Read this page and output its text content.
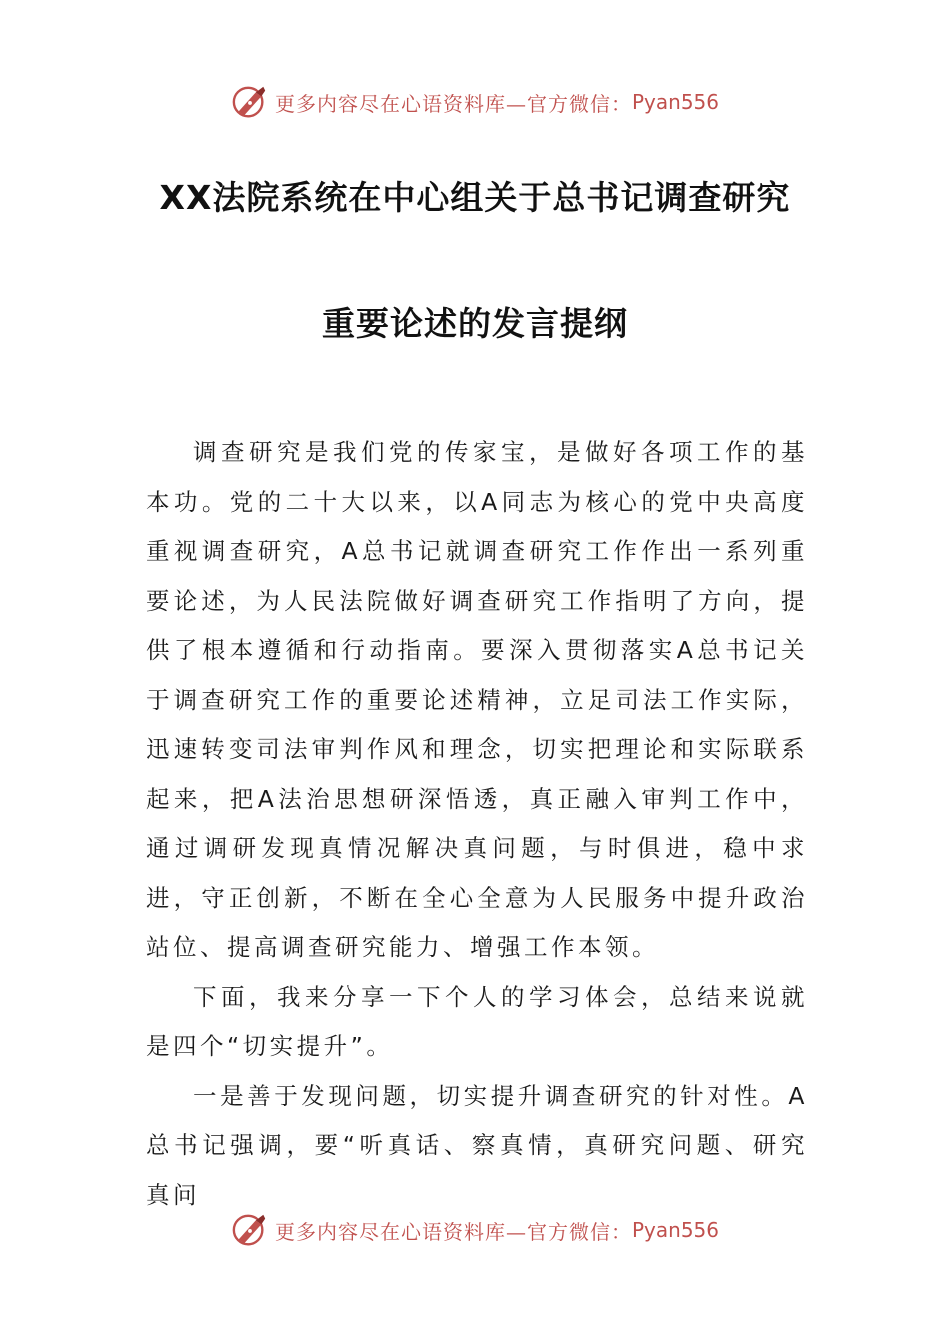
更多内容尽在心语资料库—官方微信： Pyan556
XX法院系统在中心组关于总书记调查研究
重要论述的发言提纲

调查研究是我们党的传家宝，是做好各项工作的基本功。党的二十大以来，以A同志为核心的党中央高度重视调查研究，A总书记就调查研究工作作出一系列重要论述，为人民法院做好调查研究工作指明了方向，提供了根本遵循和行动指南。要深入贯彻落实A总书记关于调查研究工作的重要论述精神，立足司法工作实际，迅速转变司法审判作风和理念，切实把理论和实际联系起来，把A法治思想研深悟透，真正融入审判工作中，通过调研发现真情况解决真问题，与时俱进，稳中求进，守正创新，不断在全心全意为人民服务中提升政治站位、提高调查研究能力、增强工作本领。

下面，我来分享一下个人的学习体会，总结来说就是四个“切实提升”。

一是善于发现问题，切实提升调查研究的针对性。A总书记强调，要“听真话、察真情，真研究问题、研究真问

更多内容尽在心语资料库—官方微信： Pyan556
